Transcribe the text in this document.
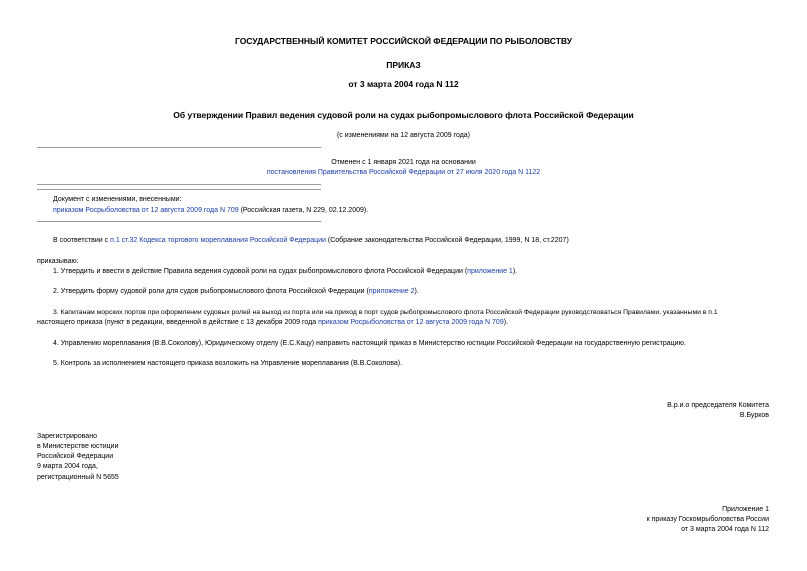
ГОСУДАРСТВЕННЫЙ КОМИТЕТ РОССИЙСКОЙ ФЕДЕРАЦИИ ПО РЫБОЛОВСТВУ
ПРИКАЗ
от 3 марта 2004 года N 112
Об утверждении Правил ведения судовой роли на судах рыбопромыслового флота Российской Федерации
(с изменениями на 12 августа 2009 года)
Отменен с 1 января 2021 года на основании
постановления Правительства Российской Федерации от 27 июля 2020 года N 1122
Документ с изменениями, внесенными:
приказом Росрыболовства от 12 августа 2009 года N 709 (Российская газета, N 229, 02.12.2009).
В соответствии с п.1 ст.32 Кодекса торгового мореплавания Российской Федерации (Собрание законодательства Российской Федерации, 1999, N 18, ст.2207)
приказываю:
1. Утвердить и ввести в действие Правила ведения судовой роли на судах рыбопромыслового флота Российской Федерации (приложение 1).
2. Утвердить форму судовой роли для судов рыбопромыслового флота Российской Федерации (приложение 2).
3. Капитанам морских портов при оформлении судовых ролей на выход из порта или на приход в порт судов рыбопромыслового флота Российской Федерации руководствоваться Правилами, указанными в п.1
настоящего приказа (пункт в редакции, введенной в действие с 13 декабря 2009 года приказом Росрыболовства от 12 августа 2009 года N 709).
4. Управлению мореплавания (В.В.Соколову), Юридическому отделу (Е.С.Кацу) направить настоящий приказ в Министерство юстиции Российской Федерации на государственную регистрацию.
5. Контроль за исполнением настоящего приказа возложить на Управление мореплавания (В.В.Соколова).
В.р.и.о председателя Комитета
В.Бурков
Зарегистрировано
в Министерстве юстиции
Российской Федерации
9 марта 2004 года,
регистрационный N 5655
Приложение 1
к приказу Госкомрыболовства России
от 3 марта 2004 года N 112
